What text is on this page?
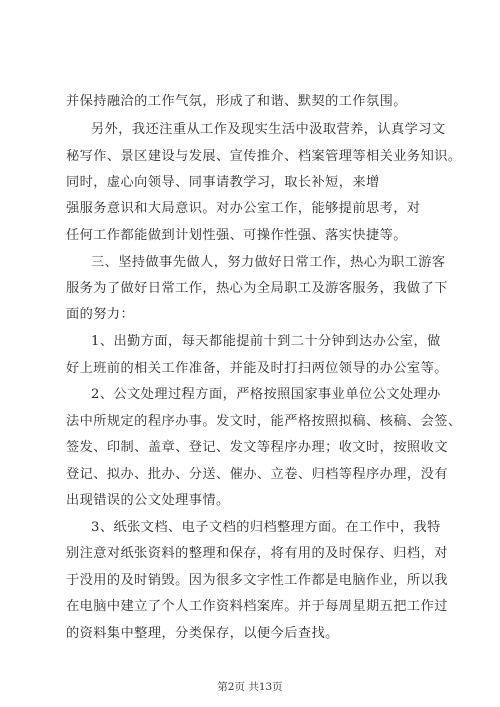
并保持融洽的工作气氛，形成了和谐、默契的工作氛围。
另外，我还注重从工作及现实生活中汲取营养，认真学习文
秘写作、景区建设与发展、宣传推介、档案管理等相关业务知识。
同时，虚心向领导、同事请教学习，取长补短，来增
强服务意识和大局意识。对办公室工作，能够提前思考，对
任何工作都能做到计划性强、可操作性强、落实快捷等。
三、坚持做事先做人，努力做好日常工作，热心为职工游客
服务为了做好日常工作，热心为全局职工及游客服务，我做了下
面的努力：
1、出勤方面，每天都能提前十到二十分钟到达办公室，做
好上班前的相关工作准备，并能及时打扫两位领导的办公室等。
2、公文处理过程方面，严格按照国家事业单位公文处理办
法中所规定的程序办事。发文时，能严格按照拟稿、核稿、会签、
签发、印制、盖章、登记、发文等程序办理；收文时，按照收文
登记、拟办、批办、分送、催办、立卷、归档等程序办理，没有
出现错误的公文处理事情。
3、纸张文档、电子文档的归档整理方面。在工作中，我特
别注意对纸张资料的整理和保存，将有用的及时保存、归档，对
于没用的及时销毁。因为很多文字性工作都是电脑作业，所以我
在电脑中建立了个人工作资料档案库。并于每周星期五把工作过
的资料集中整理，分类保存，以便今后查找。
第2页 共13页
